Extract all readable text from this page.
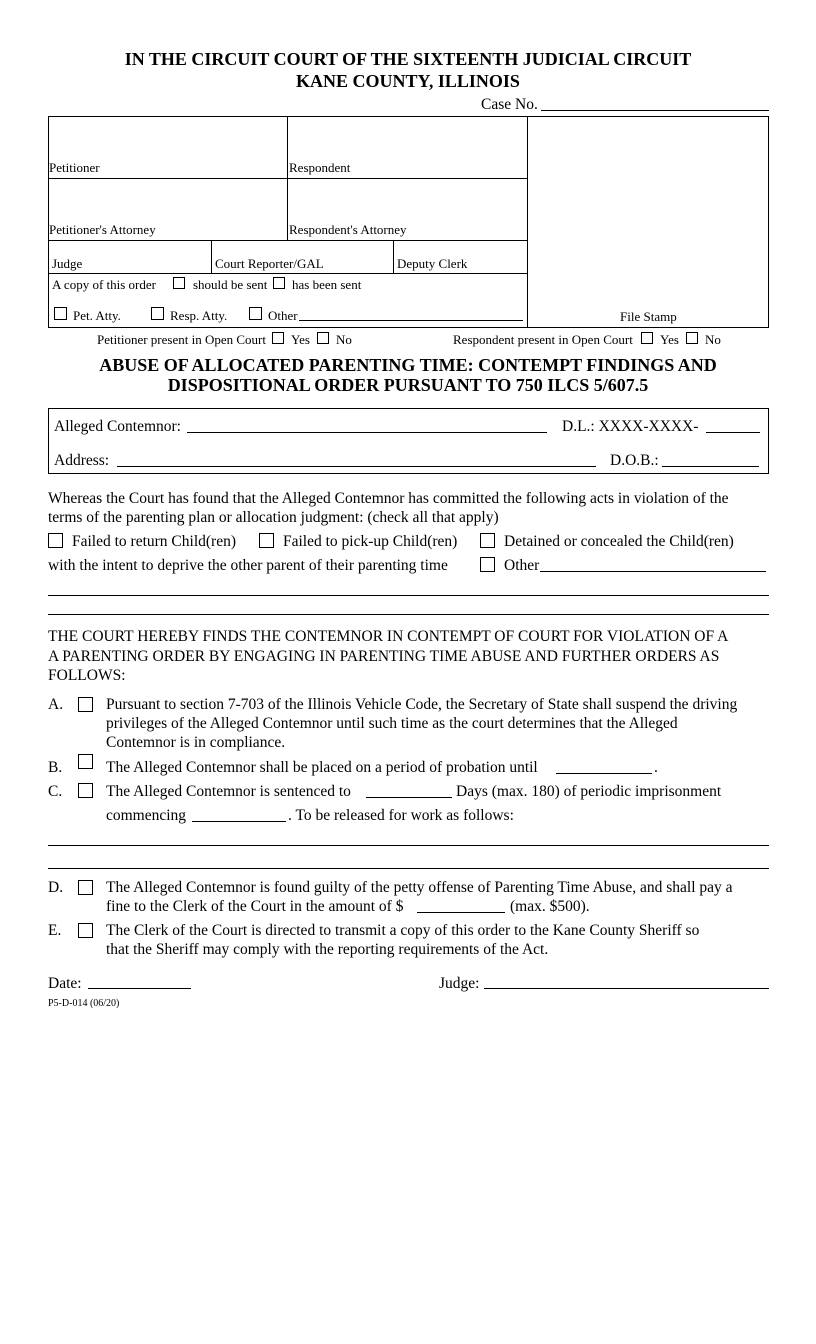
IN THE CIRCUIT COURT OF THE SIXTEENTH JUDICIAL CIRCUIT
KANE COUNTY, ILLINOIS
Case No.
Petitioner	Respondent
Petitioner's Attorney	Respondent's Attorney
Judge	Court Reporter/GAL	Deputy Clerk
A copy of this order	should be sent has been sent
Pet. Atty.	Resp. Atty.	Other	File Stamp
Petitioner present in Open Court Yes No	Respondent present in Open Court Yes No
ABUSE OF ALLOCATED PARENTING TIME: CONTEMPT FINDINGS AND
DISPOSITIONAL ORDER PURSUANT TO 750 ILCS 5/607.5
Alleged Contemnor:	D.L.: XXXX-XXXX-
Address:	D.O.B.:
Whereas the Court has found that the Alleged Contemnor has committed the following acts in violation of the
terms of the parenting plan or allocation judgment: (check all that apply)
Failed to return Child(ren)	Failed to pick-up Child(ren)	Detained or concealed the Child(ren)
with the intent to deprive the other parent of their parenting time	Other
THE COURT HEREBY FINDS THE CONTEMNOR IN CONTEMPT OF COURT FOR VIOLATION OF A
A PARENTING ORDER BY ENGAGING IN PARENTING TIME ABUSE AND FURTHER ORDERS AS
FOLLOWS:
A.	Pursuant to section 7-703 of the Illinois Vehicle Code, the Secretary of State shall suspend the driving
privileges of the Alleged Contemnor until such time as the court determines that the Alleged
Contemnor is in compliance.
B.	The Alleged Contemnor shall be placed on a period of probation until	.
C.	The Alleged Contemnor is sentenced to	Days (max. 180) of periodic imprisonment
commencing	. To be released for work as follows:
D.	The Alleged Contemnor is found guilty of the petty offense of Parenting Time Abuse, and shall pay a
fine to the Clerk of the Court in the amount of $	(max. $500).
E.	The Clerk of the Court is directed to transmit a copy of this order to the Kane County Sheriff so
that the Sheriff may comply with the reporting requirements of the Act.
Date:	Judge:
P5-D-014 (06/20)
